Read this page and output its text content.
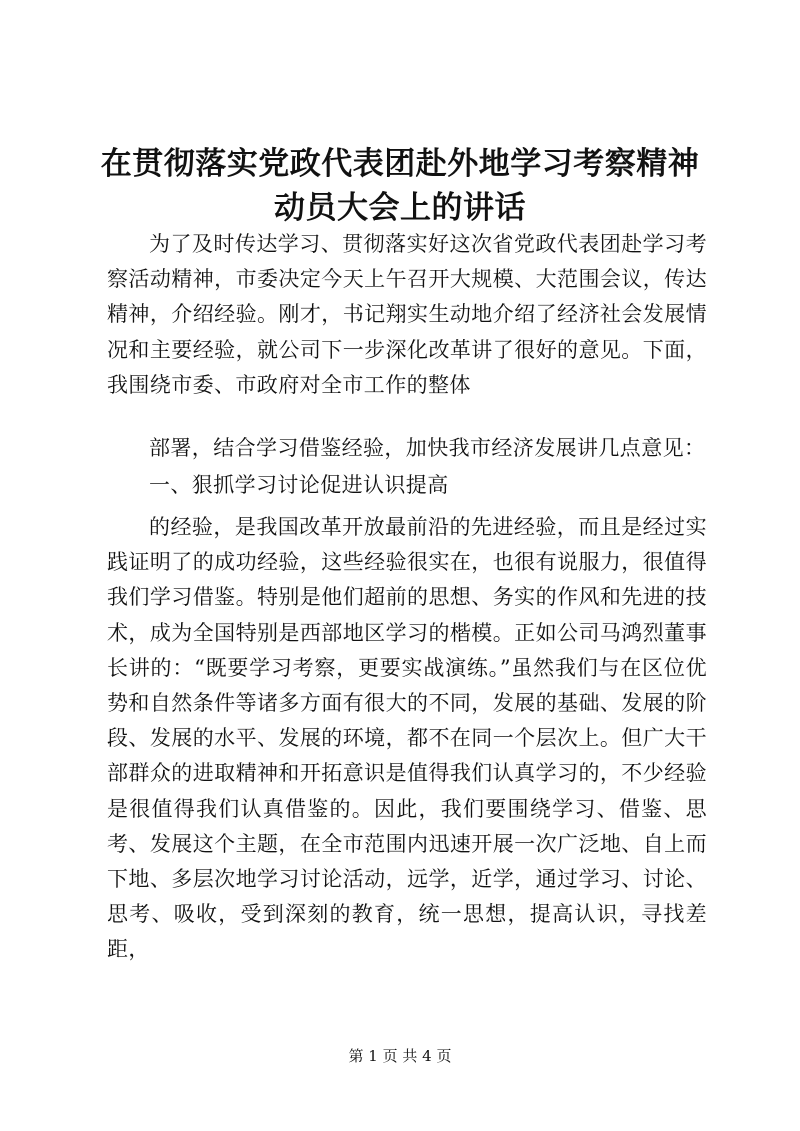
在贯彻落实党政代表团赴外地学习考察精神动员大会上的讲话
为了及时传达学习、贯彻落实好这次省党政代表团赴学习考察活动精神，市委决定今天上午召开大规模、大范围会议，传达精神，介绍经验。刚才，书记翔实生动地介绍了经济社会发展情况和主要经验，就公司下一步深化改革讲了很好的意见。下面，我围绕市委、市政府对全市工作的整体
部署，结合学习借鉴经验，加快我市经济发展讲几点意见：
一、狠抓学习讨论促进认识提高
的经验，是我国改革开放最前沿的先进经验，而且是经过实践证明了的成功经验，这些经验很实在，也很有说服力，很值得我们学习借鉴。特别是他们超前的思想、务实的作风和先进的技术，成为全国特别是西部地区学习的楷模。正如公司马鸿烈董事长讲的：“既要学习考察，更要实战演练。”虽然我们与在区位优势和自然条件等诸多方面有很大的不同，发展的基础、发展的阶段、发展的水平、发展的环境，都不在同一个层次上。但广大干部群众的进取精神和开拓意识是值得我们认真学习的，不少经验是很值得我们认真借鉴的。因此，我们要围绕学习、借鉴、思考、发展这个主题，在全市范围内迅速开展一次广泛地、自上而下地、多层次地学习讨论活动，远学，近学，通过学习、讨论、思考、吸收，受到深刻的教育，统一思想，提高认识，寻找差距，
第 1 页 共 4 页
